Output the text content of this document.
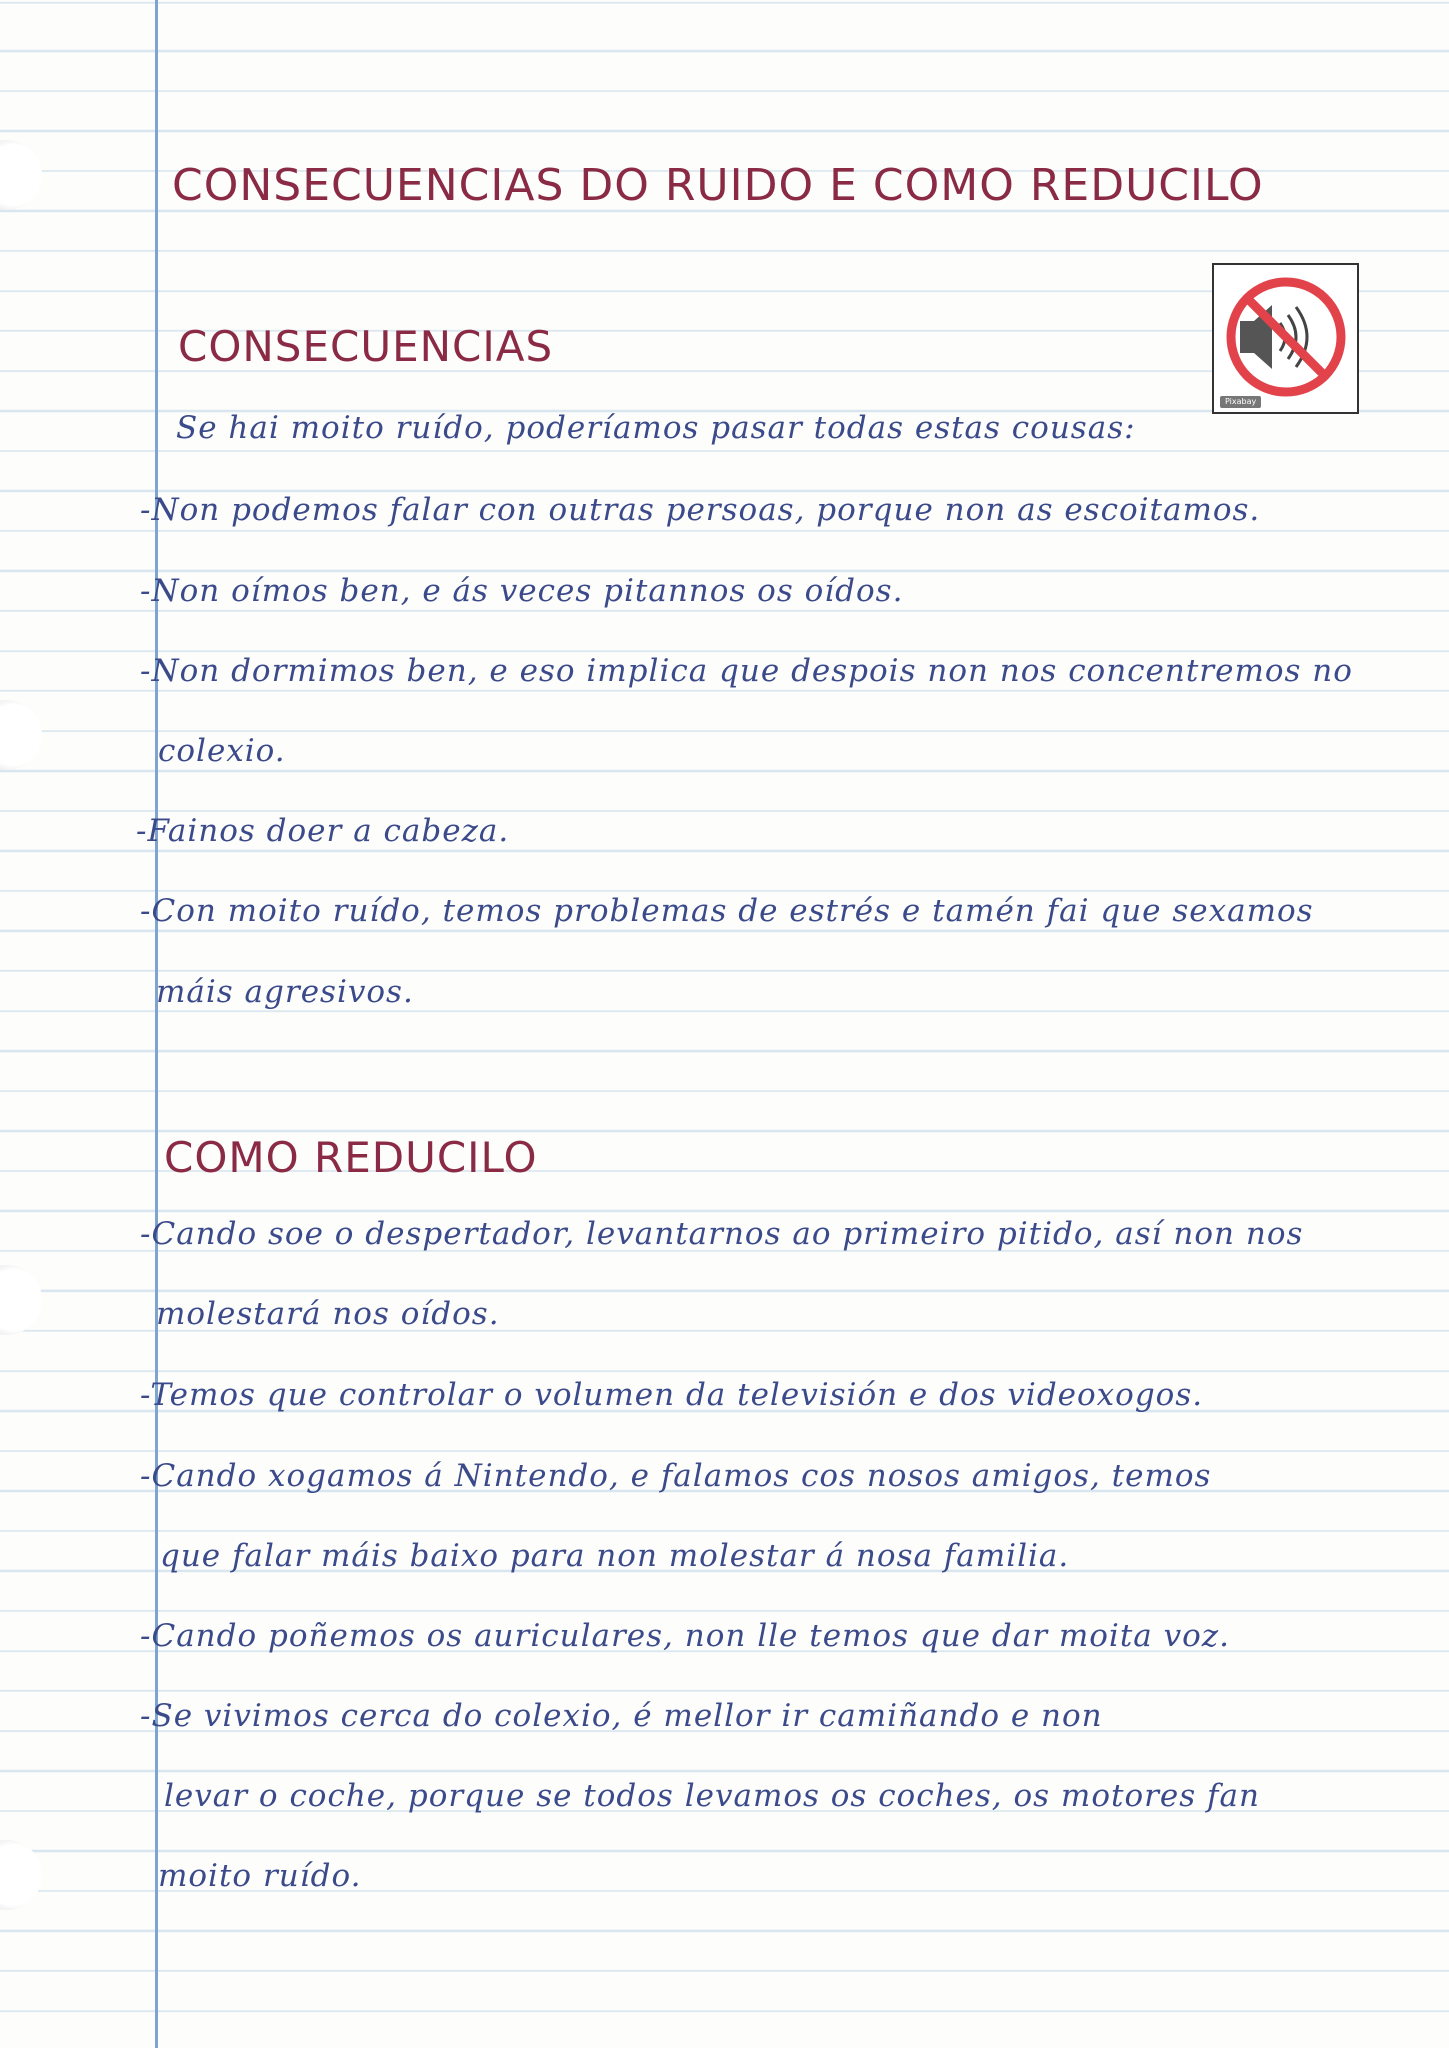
CONSECUENCIAS DO RUIDO E COMO REDUCILO
CONSECUENCIAS
Pixabay
Se hai moito ruído, poderíamos pasar todas estas cousas:
-Non podemos falar con outras persoas, porque non as escoitamos.
-Non oímos ben, e ás veces pitannos os oídos.
-Non dormimos ben, e eso implica que despois non nos concentremos no
colexio.
-Fainos doer a cabeza.
-Con moito ruído, temos problemas de estrés e tamén fai que sexamos
máis agresivos.
COMO REDUCILO
-Cando soe o despertador, levantarnos ao primeiro pitido, así non nos
molestará nos oídos.
-Temos que controlar o volumen da televisión e dos videoxogos.
-Cando xogamos á Nintendo, e falamos cos nosos amigos, temos
que falar máis baixo para non molestar á nosa familia.
-Cando poñemos os auriculares, non lle temos que dar moita voz.
-Se vivimos cerca do colexio, é mellor ir camiñando e non
levar o coche, porque se todos levamos os coches, os motores fan
moito ruído.
